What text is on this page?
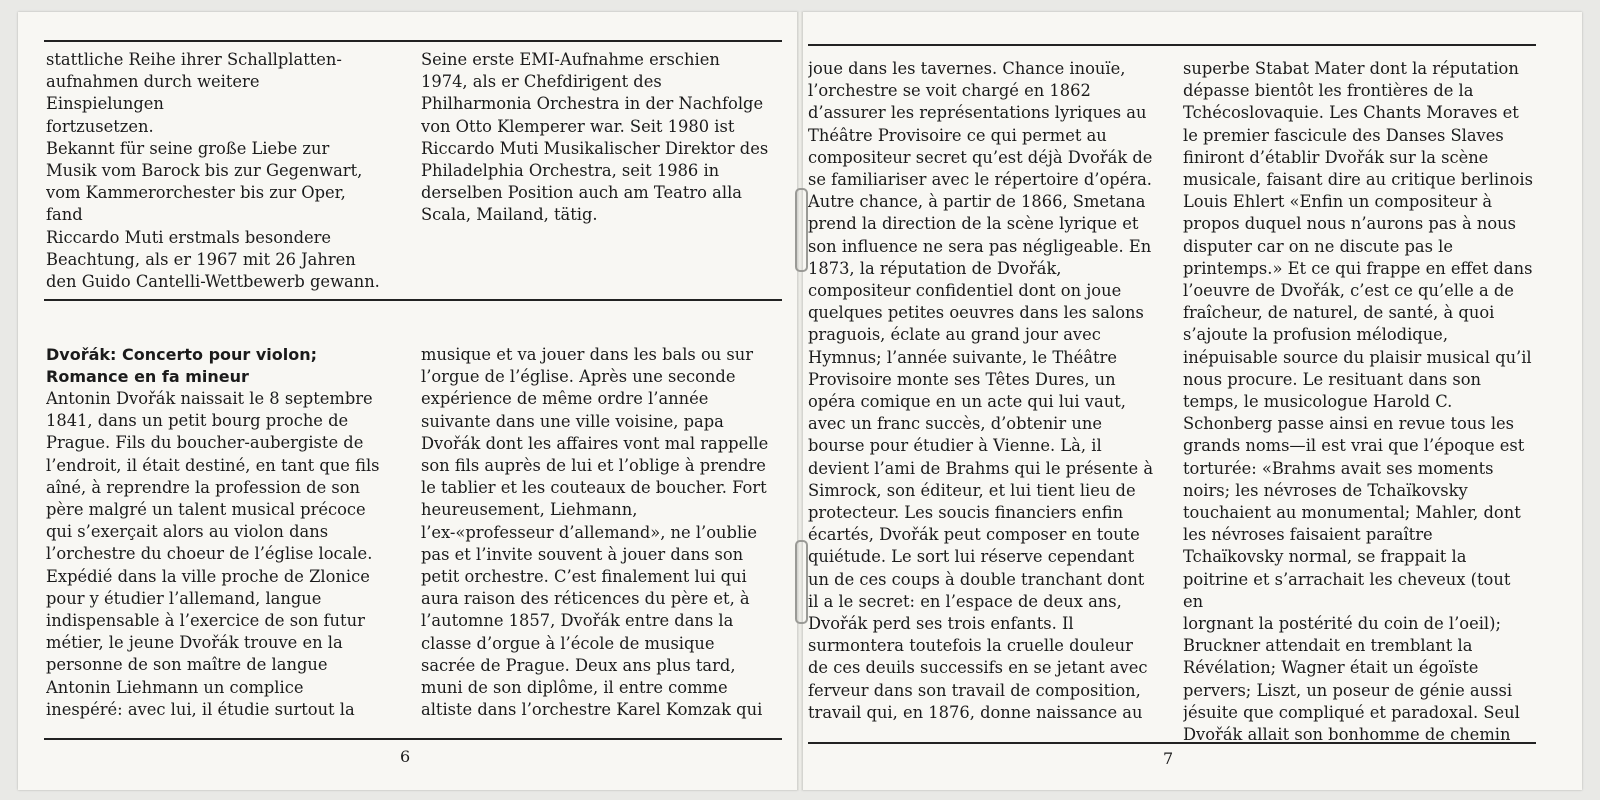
stattliche Reihe ihrer Schallplatten-
aufnahmen durch weitere Einspielungen
fortzusetzen.
Bekannt für seine große Liebe zur
Musik vom Barock bis zur Gegenwart,
vom Kammerorchester bis zur Oper, fand
Riccardo Muti erstmals besondere
Beachtung, als er 1967 mit 26 Jahren
den Guido Cantelli-Wettbewerb gewann.

Seine erste EMI-Aufnahme erschien
1974, als er Chefdirigent des
Philharmonia Orchestra in der Nachfolge
von Otto Klemperer war. Seit 1980 ist
Riccardo Muti Musikalischer Direktor des
Philadelphia Orchestra, seit 1986 in
derselben Position auch am Teatro alla
Scala, Mailand, tätig.

Dvořák: Concerto pour violon;
Romance en fa mineur

Antonin Dvořák naissait le 8 septembre
1841, dans un petit bourg proche de
Prague. Fils du boucher-aubergiste de
l’endroit, il était destiné, en tant que fils
aîné, à reprendre la profession de son
père malgré un talent musical précoce
qui s’exerçait alors au violon dans
l’orchestre du choeur de l’église locale.
Expédié dans la ville proche de Zlonice
pour y étudier l’allemand, langue
indispensable à l’exercice de son futur
métier, le jeune Dvořák trouve en la
personne de son maître de langue
Antonin Liehmann un complice
inespéré: avec lui, il étudie surtout la

musique et va jouer dans les bals ou sur
l’orgue de l’église. Après une seconde
expérience de même ordre l’année
suivante dans une ville voisine, papa
Dvořák dont les affaires vont mal rappelle
son fils auprès de lui et l’oblige à prendre
le tablier et les couteaux de boucher. Fort
heureusement, Liehmann,
l’ex-«professeur d’allemand», ne l’oublie
pas et l’invite souvent à jouer dans son
petit orchestre. C’est finalement lui qui
aura raison des réticences du père et, à
l’automne 1857, Dvořák entre dans la
classe d’orgue à l’école de musique
sacrée de Prague. Deux ans plus tard,
muni de son diplôme, il entre comme
altiste dans l’orchestre Karel Komzak qui

6

joue dans les tavernes. Chance inouïe,
l’orchestre se voit chargé en 1862
d’assurer les représentations lyriques au
Théâtre Provisoire ce qui permet au
compositeur secret qu’est déjà Dvořák de
se familiariser avec le répertoire d’opéra.
Autre chance, à partir de 1866, Smetana
prend la direction de la scène lyrique et
son influence ne sera pas négligeable. En
1873, la réputation de Dvořák,
compositeur confidentiel dont on joue
quelques petites oeuvres dans les salons
praguois, éclate au grand jour avec
Hymnus; l’année suivante, le Théâtre
Provisoire monte ses Têtes Dures, un
opéra comique en un acte qui lui vaut,
avec un franc succès, d’obtenir une
bourse pour étudier à Vienne. Là, il
devient l’ami de Brahms qui le présente à
Simrock, son éditeur, et lui tient lieu de
protecteur. Les soucis financiers enfin
écartés, Dvořák peut composer en toute
quiétude. Le sort lui réserve cependant
un de ces coups à double tranchant dont
il a le secret: en l’espace de deux ans,
Dvořák perd ses trois enfants. Il
surmontera toutefois la cruelle douleur
de ces deuils successifs en se jetant avec
ferveur dans son travail de composition,
travail qui, en 1876, donne naissance au

superbe Stabat Mater dont la réputation
dépasse bientôt les frontières de la
Tchécoslovaquie. Les Chants Moraves et
le premier fascicule des Danses Slaves
finiront d’établir Dvořák sur la scène
musicale, faisant dire au critique berlinois
Louis Ehlert «Enfin un compositeur à
propos duquel nous n’aurons pas à nous
disputer car on ne discute pas le
printemps.» Et ce qui frappe en effet dans
l’oeuvre de Dvořák, c’est ce qu’elle a de
fraîcheur, de naturel, de santé, à quoi
s’ajoute la profusion mélodique,
inépuisable source du plaisir musical qu’il
nous procure. Le resituant dans son
temps, le musicologue Harold C.
Schonberg passe ainsi en revue tous les
grands noms—il est vrai que l’époque est
torturée: «Brahms avait ses moments
noirs; les névroses de Tchaïkovsky
touchaient au monumental; Mahler, dont
les névroses faisaient paraître
Tchaïkovsky normal, se frappait la
poitrine et s’arrachait les cheveux (tout en
lorgnant la postérité du coin de l’oeil);
Bruckner attendait en tremblant la
Révélation; Wagner était un égoïste
pervers; Liszt, un poseur de génie aussi
jésuite que compliqué et paradoxal. Seul
Dvořák allait son bonhomme de chemin

7
